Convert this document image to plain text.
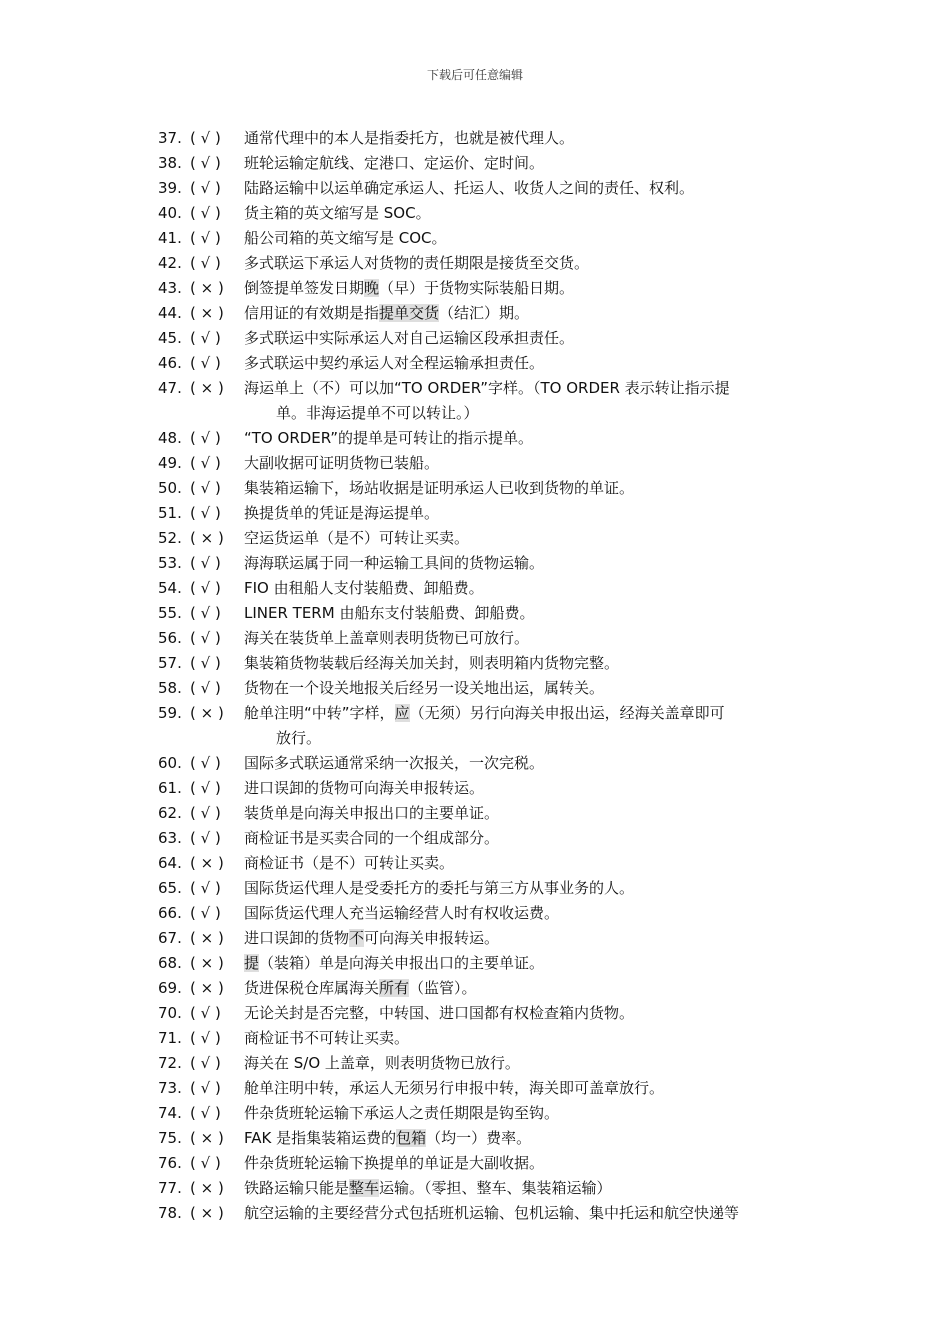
下载后可任意编辑
37. ( √ ) 通常代理中的本人是指委托方，也就是被代理人。
38. ( √ ) 班轮运输定航线、定港口、定运价、定时间。
39. ( √ ) 陆路运输中以运单确定承运人、托运人、收货人之间的责任、权利。
40. ( √ ) 货主箱的英文缩写是 SOC。
41. ( √ ) 船公司箱的英文缩写是 COC。
42. ( √ ) 多式联运下承运人对货物的责任期限是接货至交货。
43. ( × ) 倒签提单签发日期晚（早）于货物实际装船日期。
44. ( × ) 信用证的有效期是指提单交货（结汇）期。
45. ( √ ) 多式联运中实际承运人对自己运输区段承担责任。
46. ( √ ) 多式联运中契约承运人对全程运输承担责任。
47. ( × ) 海运单上（不）可以加“TO ORDER”字样。（TO ORDER 表示转让指示提
单。非海运提单不可以转让。）
48. ( √ ) “TO ORDER”的提单是可转让的指示提单。
49. ( √ ) 大副收据可证明货物已装船。
50. ( √ ) 集装箱运输下，场站收据是证明承运人已收到货物的单证。
51. ( √ ) 换提货单的凭证是海运提单。
52. ( × ) 空运货运单（是不）可转让买卖。
53. ( √ ) 海海联运属于同一种运输工具间的货物运输。
54. ( √ ) FIO 由租船人支付装船费、卸船费。
55. ( √ ) LINER TERM 由船东支付装船费、卸船费。
56. ( √ ) 海关在装货单上盖章则表明货物已可放行。
57. ( √ ) 集装箱货物装载后经海关加关封，则表明箱内货物完整。
58. ( √ ) 货物在一个设关地报关后经另一设关地出运，属转关。
59. ( × ) 舱单注明“中转”字样，应（无须）另行向海关申报出运，经海关盖章即可
放行。
60. ( √ ) 国际多式联运通常采纳一次报关，一次完税。
61. ( √ ) 进口误卸的货物可向海关申报转运。
62. ( √ ) 装货单是向海关申报出口的主要单证。
63. ( √ ) 商检证书是买卖合同的一个组成部分。
64. ( × ) 商检证书（是不）可转让买卖。
65. ( √ ) 国际货运代理人是受委托方的委托与第三方从事业务的人。
66. ( √ ) 国际货运代理人充当运输经营人时有权收运费。
67. ( × ) 进口误卸的货物不可向海关申报转运。
68. ( × ) 提（装箱）单是向海关申报出口的主要单证。
69. ( × ) 货进保税仓库属海关所有（监管）。
70. ( √ ) 无论关封是否完整，中转国、进口国都有权检查箱内货物。
71. ( √ ) 商检证书不可转让买卖。
72. ( √ ) 海关在 S/O 上盖章，则表明货物已放行。
73. ( √ ) 舱单注明中转，承运人无须另行申报中转，海关即可盖章放行。
74. ( √ ) 件杂货班轮运输下承运人之责任期限是钩至钩。
75. ( × ) FAK 是指集装箱运费的包箱（均一）费率。
76. ( √ ) 件杂货班轮运输下换提单的单证是大副收据。
77. ( × ) 铁路运输只能是整车运输。（零担、整车、集装箱运输）
78. ( × ) 航空运输的主要经营分式包括班机运输、包机运输、集中托运和航空快递等
